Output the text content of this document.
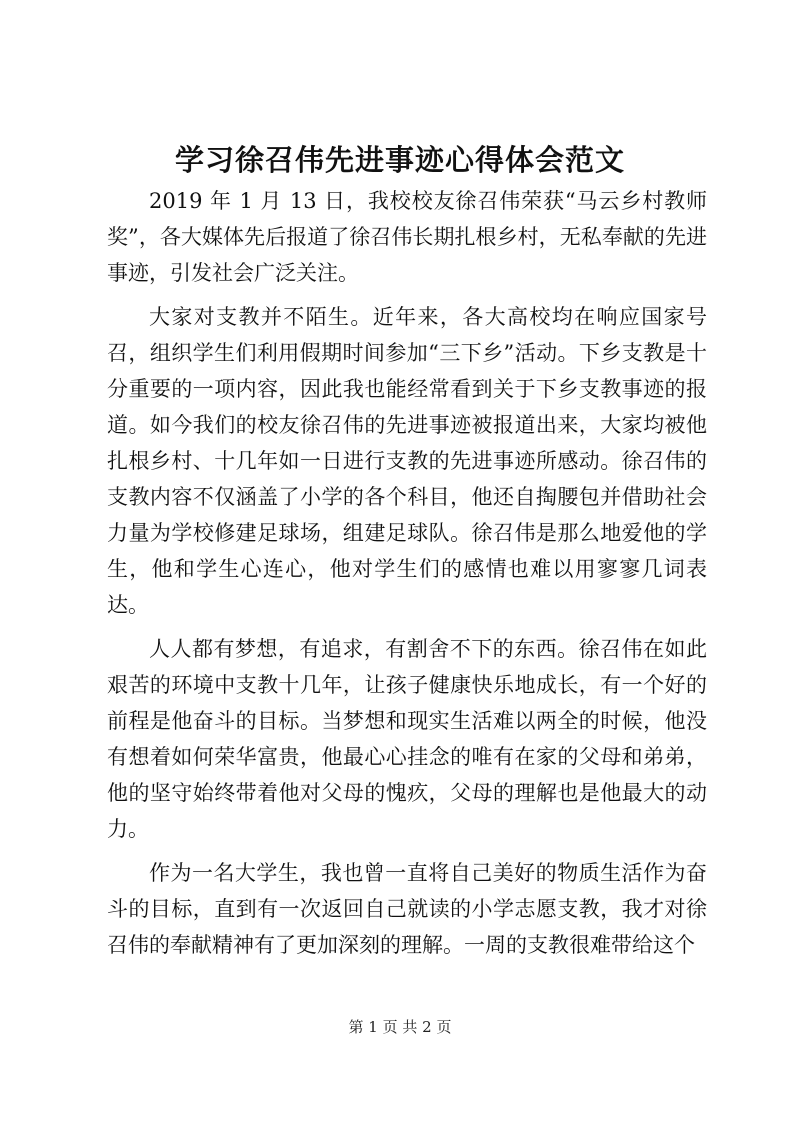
学习徐召伟先进事迹心得体会范文

2019 年 1 月 13 日，我校校友徐召伟荣获“马云乡村教师奖”，各大媒体先后报道了徐召伟长期扎根乡村，无私奉献的先进事迹，引发社会广泛关注。

大家对支教并不陌生。近年来，各大高校均在响应国家号召，组织学生们利用假期时间参加“三下乡”活动。下乡支教是十分重要的一项内容，因此我也能经常看到关于下乡支教事迹的报道。如今我们的校友徐召伟的先进事迹被报道出来，大家均被他扎根乡村、十几年如一日进行支教的先进事迹所感动。徐召伟的支教内容不仅涵盖了小学的各个科目，他还自掏腰包并借助社会力量为学校修建足球场，组建足球队。徐召伟是那么地爱他的学生，他和学生心连心，他对学生们的感情也难以用寥寥几词表达。

人人都有梦想，有追求，有割舍不下的东西。徐召伟在如此艰苦的环境中支教十几年，让孩子健康快乐地成长，有一个好的前程是他奋斗的目标。当梦想和现实生活难以两全的时候，他没有想着如何荣华富贵，他最心心挂念的唯有在家的父母和弟弟，他的坚守始终带着他对父母的愧疚，父母的理解也是他最大的动力。

作为一名大学生，我也曾一直将自己美好的物质生活作为奋斗的目标，直到有一次返回自己就读的小学志愿支教，我才对徐召伟的奉献精神有了更加深刻的理解。一周的支教很难带给这个

第 1 页 共 2 页
